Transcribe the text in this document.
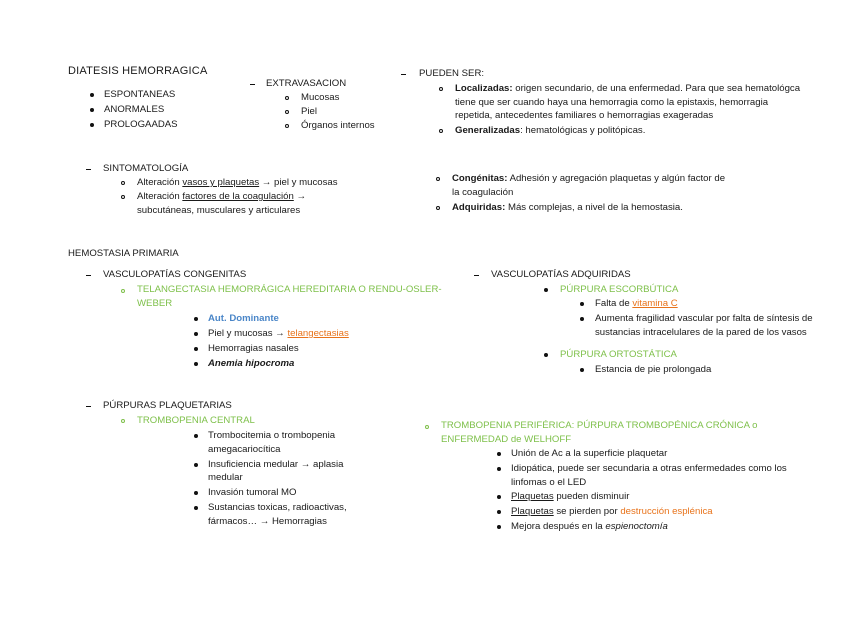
DIATESIS HEMORRAGICA
ESPONTANEAS
ANORMALES
PROLOGAADAS
EXTRAVASACION
Mucosas
Piel
Órganos internos
PUEDEN SER:
Localizadas: origen secundario, de una enfermedad. Para que sea hematológca
tiene que ser cuando haya una hemorragia como la epistaxis, hemorragia
repetida, antecedentes familiares o hemorragias exageradas
Generalizadas: hematológicas y politópicas.
SINTOMATOLOGÍA
Alteración vasos y plaquetas → piel y mucosas
Alteración factores de la coagulación →
subcutáneas, musculares y articulares
Congénitas: Adhesión y agregación plaquetas y algún factor de
la coagulación
Adquiridas: Más complejas, a nivel de la hemostasia.
HEMOSTASIA PRIMARIA
VASCULOPATÍAS CONGENITAS
TELANGECTASIA HEMORRÁGICA HEREDITARIA O RENDU-OSLER-
WEBER
Aut. Dominante
Piel y mucosas → telangectasias
Hemorragias nasales
Anemia hipocroma
VASCULOPATÍAS ADQUIRIDAS
PÚRPURA ESCORBÚTICA
Falta de vitamina C
Aumenta fragilidad vascular por falta de síntesis de
sustancias intracelulares de la pared de los vasos
PÚRPURA ORTOSTÁTICA
Estancia de pie prolongada
PÚRPURAS PLAQUETARIAS
TROMBOPENIA CENTRAL
Trombocitemia o trombopenia
amegacariocítica
Insuficiencia medular → aplasia
medular
Invasión tumoral MO
Sustancias toxicas, radioactivas,
fármacos… → Hemorragias
TROMBOPENIA PERIFÉRICA: PÚRPURA TROMBOPÉNICA CRÓNICA o
ENFERMEDAD de WELHOFF
Unión de Ac a la superficie plaquetar
Idiopática, puede ser secundaria a otras enfermedades como los
linfomas o el LED
Plaquetas pueden disminuir
Plaquetas se pierden por destrucción esplénica
Mejora después en la espienoctomía
